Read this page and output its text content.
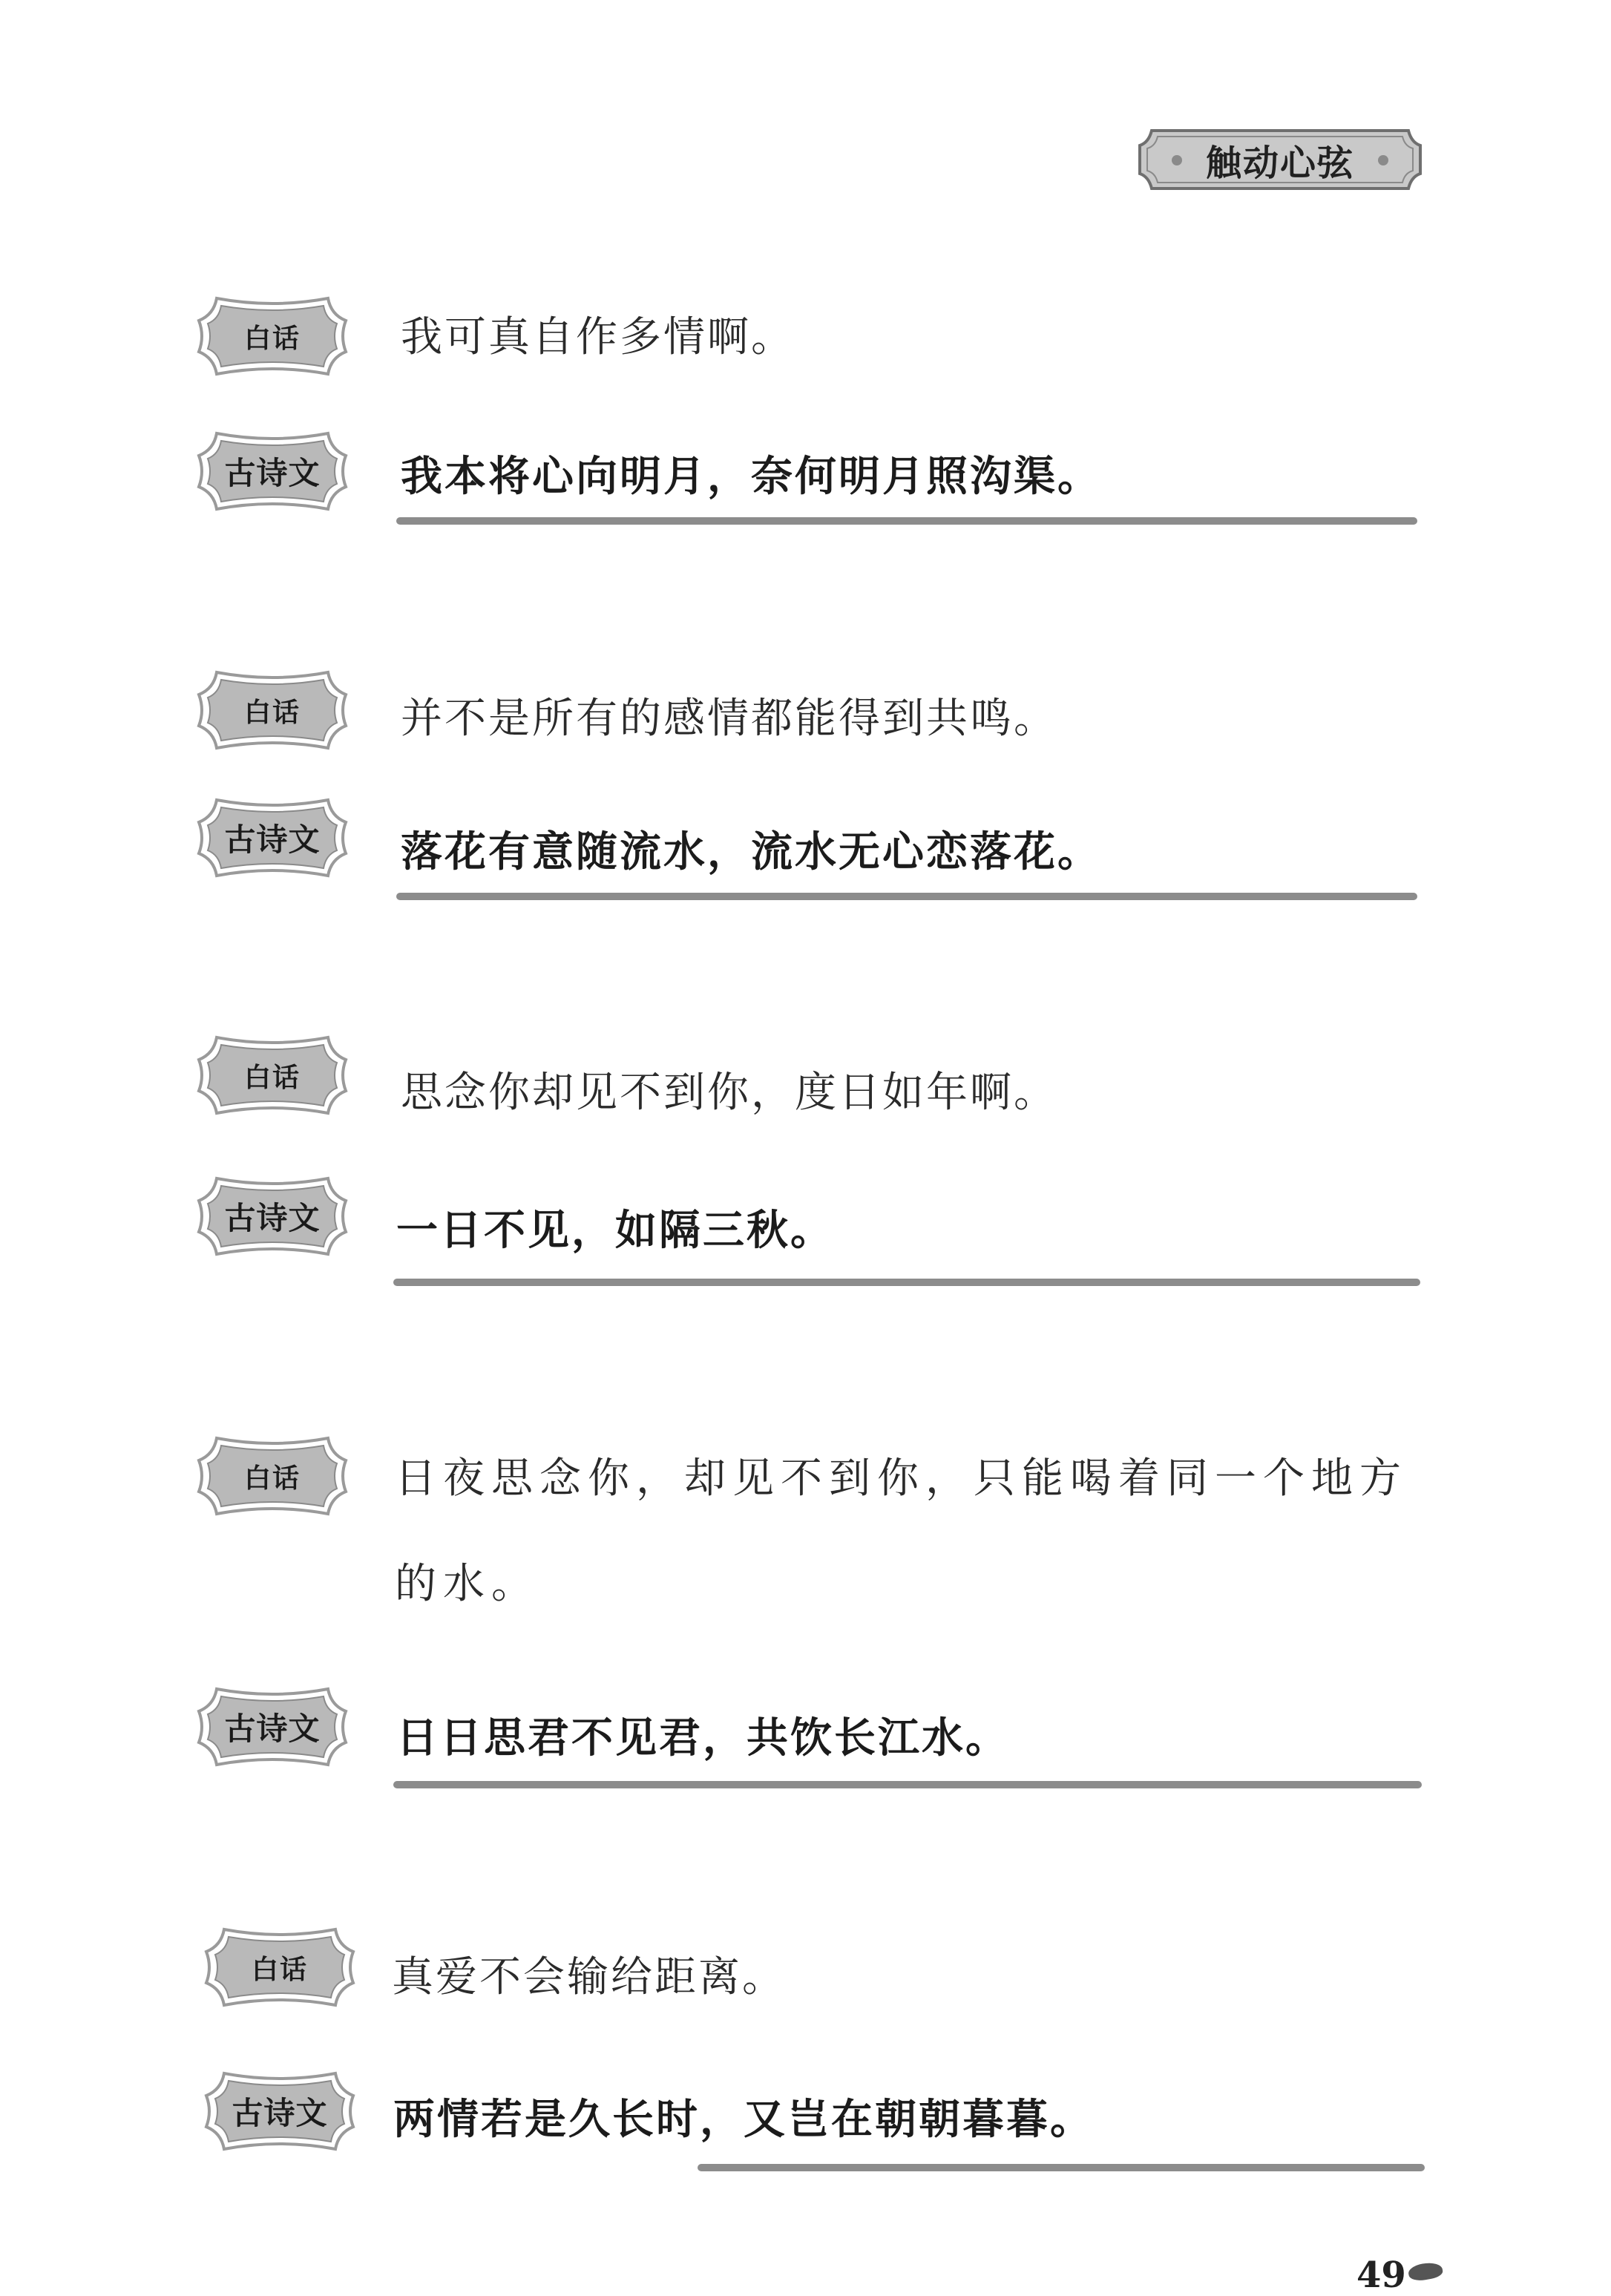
触动心弦
白话	我可真自作多情啊。
古诗文	我本将心向明月，奈何明月照沟渠。
白话	并不是所有的感情都能得到共鸣。
古诗文	落花有意随流水，流水无心恋落花。
白话	思念你却见不到你，度日如年啊。
古诗文	一日不见，如隔三秋。
白话	日夜思念你，却见不到你，只能喝着同一个地方的水。
古诗文	日日思君不见君，共饮长江水。
白话	真爱不会输给距离。
古诗文	两情若是久长时，又岂在朝朝暮暮。
49
